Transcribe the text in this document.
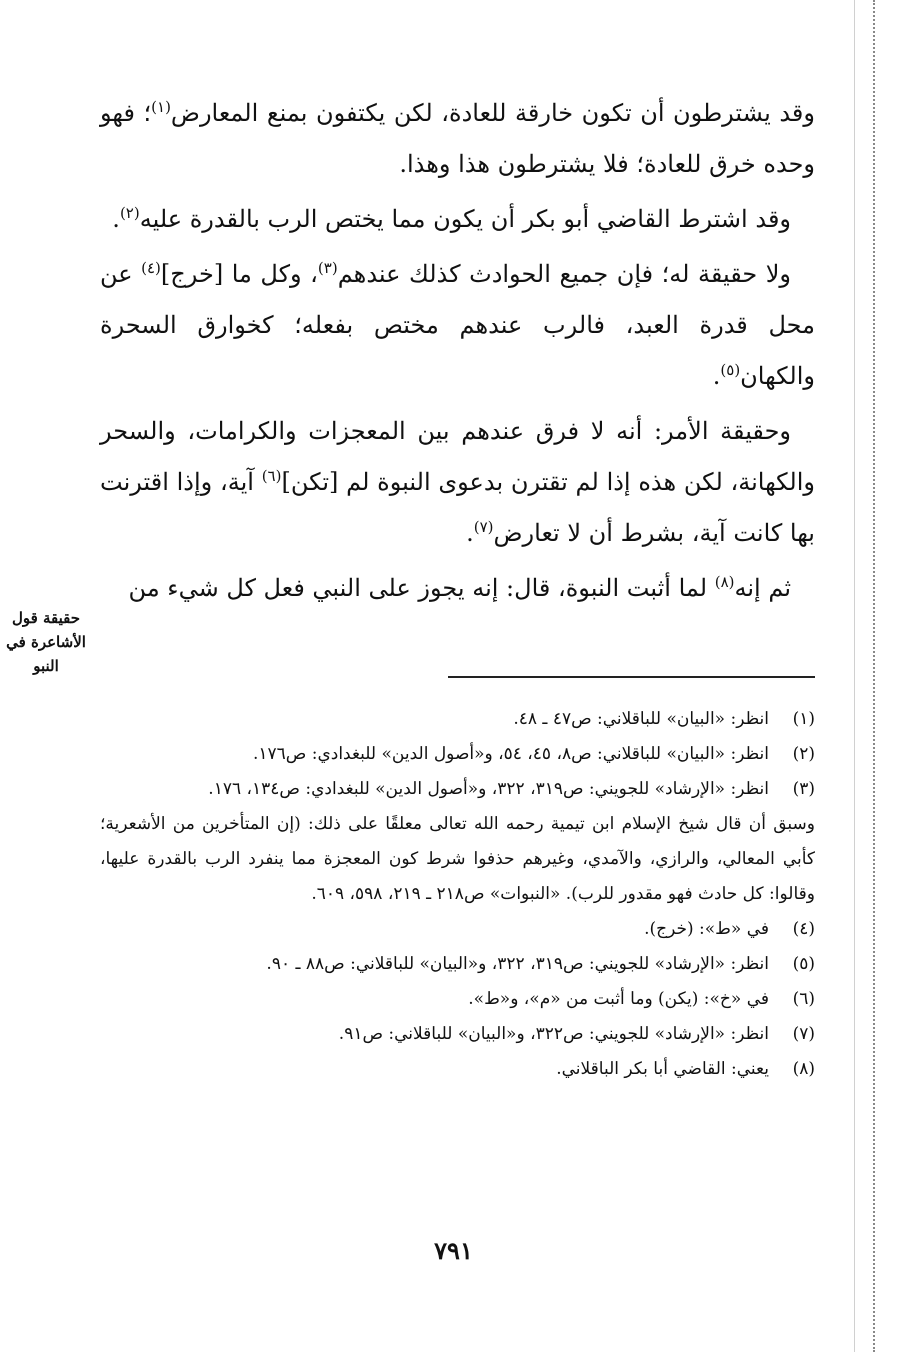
وقد يشترطون أن تكون خارقة للعادة، لكن يكتفون بمنع المعارض$^{(١)}$؛ فهو وحده خرق للعادة؛ فلا يشترطون هذا وهذا.

وقد اشترط القاضي أبو بكر أن يكون مما يختص الرب بالقدرة عليه$^{(٢)}$.

ولا حقيقة له؛ فإن جميع الحوادث كذلك عندهم$^{(٣)}$، وكل ما [خرج]$^{(٤)}$ عن محل قدرة العبد، فالرب عندهم مختص بفعله؛ كخوارق السحرة والكهان$^{(٥)}$.

وحقيقة الأمر: أنه لا فرق عندهم بين المعجزات والكرامات، والسحر والكهانة، لكن هذه إذا لم تقترن بدعوى النبوة لم [تكن]$^{(٦)}$ آية، وإذا اقترنت بها كانت آية، بشرط أن لا تعارض$^{(٧)}$.

ثم إنه$^{(٨)}$ لما أثبت النبوة، قال: إنه يجوز على النبي فعل كل شيء من

حقيقة قول
الأشاعرة في النبو
(١)
انظر: «البيان» للباقلاني: ص٤٧ ـ ٤٨.
(٢)
انظر: «البيان» للباقلاني: ص٨، ٤٥، ٥٤، و«أصول الدين» للبغدادي: ص١٧٦.
(٣)
انظر: «الإرشاد» للجويني: ص٣١٩، ٣٢٢، و«أصول الدين» للبغدادي: ص١٣٤، ١٧٦.
وسبق أن قال شيخ الإسلام ابن تيمية رحمه الله تعالى معلقًا على ذلك: (إن المتأخرين من الأشعرية؛ كأبي المعالي، والرازي، والآمدي، وغيرهم حذفوا شرط كون المعجزة مما ينفرد الرب بالقدرة عليها، وقالوا: كل حادث فهو مقدور للرب). «النبوات» ص٢١٨ ـ ٢١٩، ٥٩٨، ٦٠٩.
(٤)
في «ط»: (خرج).
(٥)
انظر: «الإرشاد» للجويني: ص٣١٩، ٣٢٢، و«البيان» للباقلاني: ص٨٨ ـ ٩٠.
(٦)
في «خ»: (يكن) وما أثبت من «م»، و«ط».
(٧)
انظر: «الإرشاد» للجويني: ص٣٢٢، و«البيان» للباقلاني: ص٩١.
(٨)
يعني: القاضي أبا بكر الباقلاني.
٧٩١
